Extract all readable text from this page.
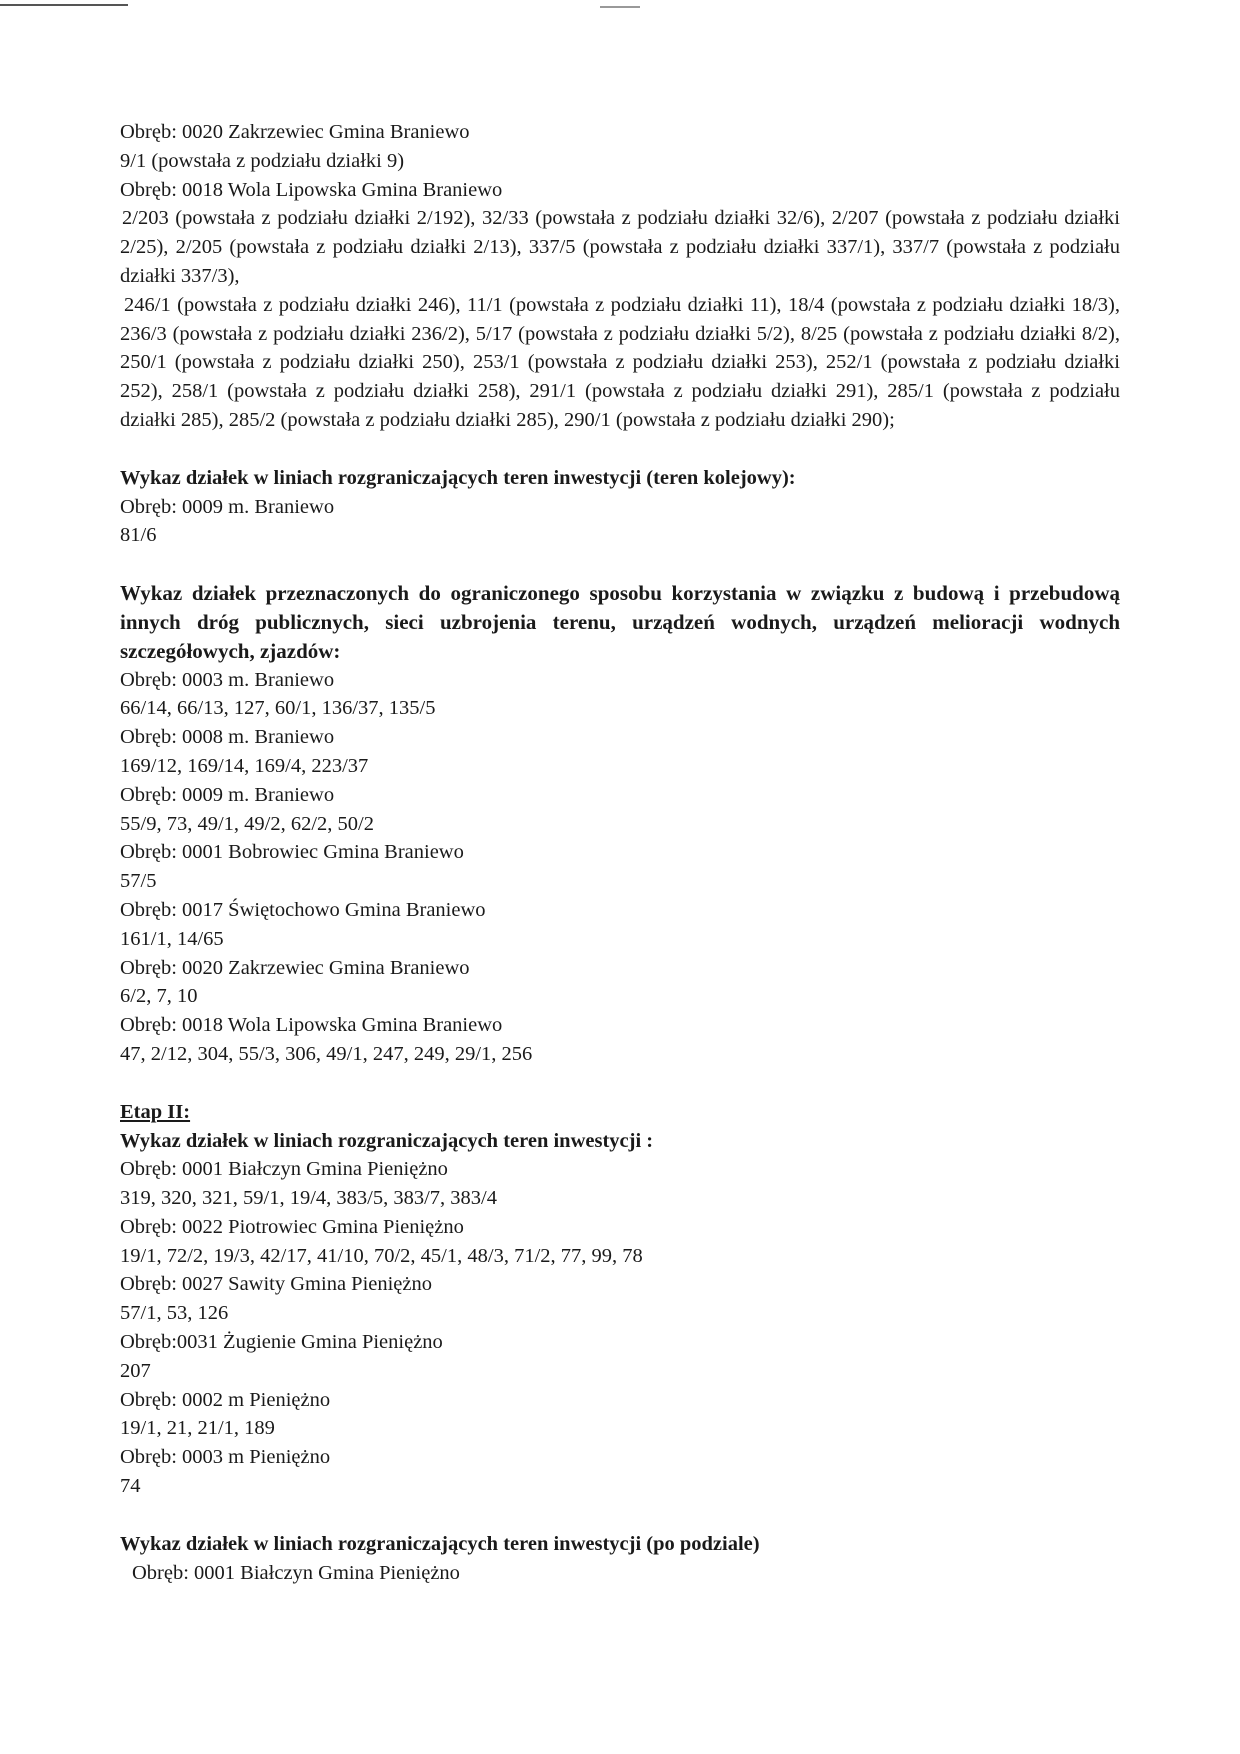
Obręb: 0020 Zakrzewiec Gmina Braniewo

9/1 (powstała z podziału działki 9)

Obręb: 0018 Wola Lipowska Gmina Braniewo

2/203 (powstała z podziału działki 2/192), 32/33 (powstała z podziału działki 32/6), 2/207 (powstała z podziału działki 2/25), 2/205 (powstała z podziału działki 2/13), 337/5 (powstała z podziału działki 337/1), 337/7 (powstała z podziału działki 337/3),

246/1 (powstała z podziału działki 246), 11/1 (powstała z podziału działki 11), 18/4 (powstała z podziału działki 18/3), 236/3 (powstała z podziału działki 236/2), 5/17 (powstała z podziału działki 5/2), 8/25 (powstała z podziału działki 8/2), 250/1 (powstała z podziału działki 250), 253/1 (powstała z podziału działki 253), 252/1 (powstała z podziału działki 252), 258/1 (powstała z podziału działki 258), 291/1 (powstała z podziału działki 291), 285/1 (powstała z podziału działki 285), 285/2 (powstała z podziału działki 285), 290/1 (powstała z podziału działki 290);

Wykaz działek w liniach rozgraniczających teren inwestycji (teren kolejowy):

Obręb: 0009 m. Braniewo

81/6

Wykaz działek przeznaczonych do ograniczonego sposobu korzystania w związku z budową i przebudową innych dróg publicznych, sieci uzbrojenia terenu, urządzeń wodnych, urządzeń melioracji wodnych szczegółowych, zjazdów:

Obręb: 0003 m. Braniewo

66/14, 66/13, 127, 60/1, 136/37, 135/5

Obręb: 0008 m. Braniewo

169/12, 169/14, 169/4, 223/37

Obręb: 0009 m. Braniewo

55/9, 73, 49/1, 49/2, 62/2, 50/2

Obręb: 0001 Bobrowiec Gmina Braniewo

57/5

Obręb: 0017 Świętochowo Gmina Braniewo

161/1, 14/65

Obręb: 0020 Zakrzewiec Gmina Braniewo

6/2, 7, 10

Obręb: 0018 Wola Lipowska Gmina Braniewo

47, 2/12, 304, 55/3, 306, 49/1, 247, 249, 29/1, 256

Etap II:

Wykaz działek w liniach rozgraniczających teren inwestycji :

Obręb: 0001 Białczyn Gmina Pieniężno

319, 320, 321, 59/1, 19/4, 383/5, 383/7, 383/4

Obręb: 0022 Piotrowiec Gmina Pieniężno

19/1, 72/2, 19/3, 42/17, 41/10, 70/2, 45/1, 48/3, 71/2, 77, 99, 78

Obręb: 0027 Sawity Gmina Pieniężno

57/1, 53, 126

Obręb:0031 Żugienie Gmina Pieniężno

207

Obręb: 0002 m Pieniężno

19/1, 21, 21/1, 189

Obręb: 0003 m Pieniężno

74

Wykaz działek w liniach rozgraniczających teren inwestycji (po podziale)

Obręb: 0001 Białczyn Gmina Pieniężno
